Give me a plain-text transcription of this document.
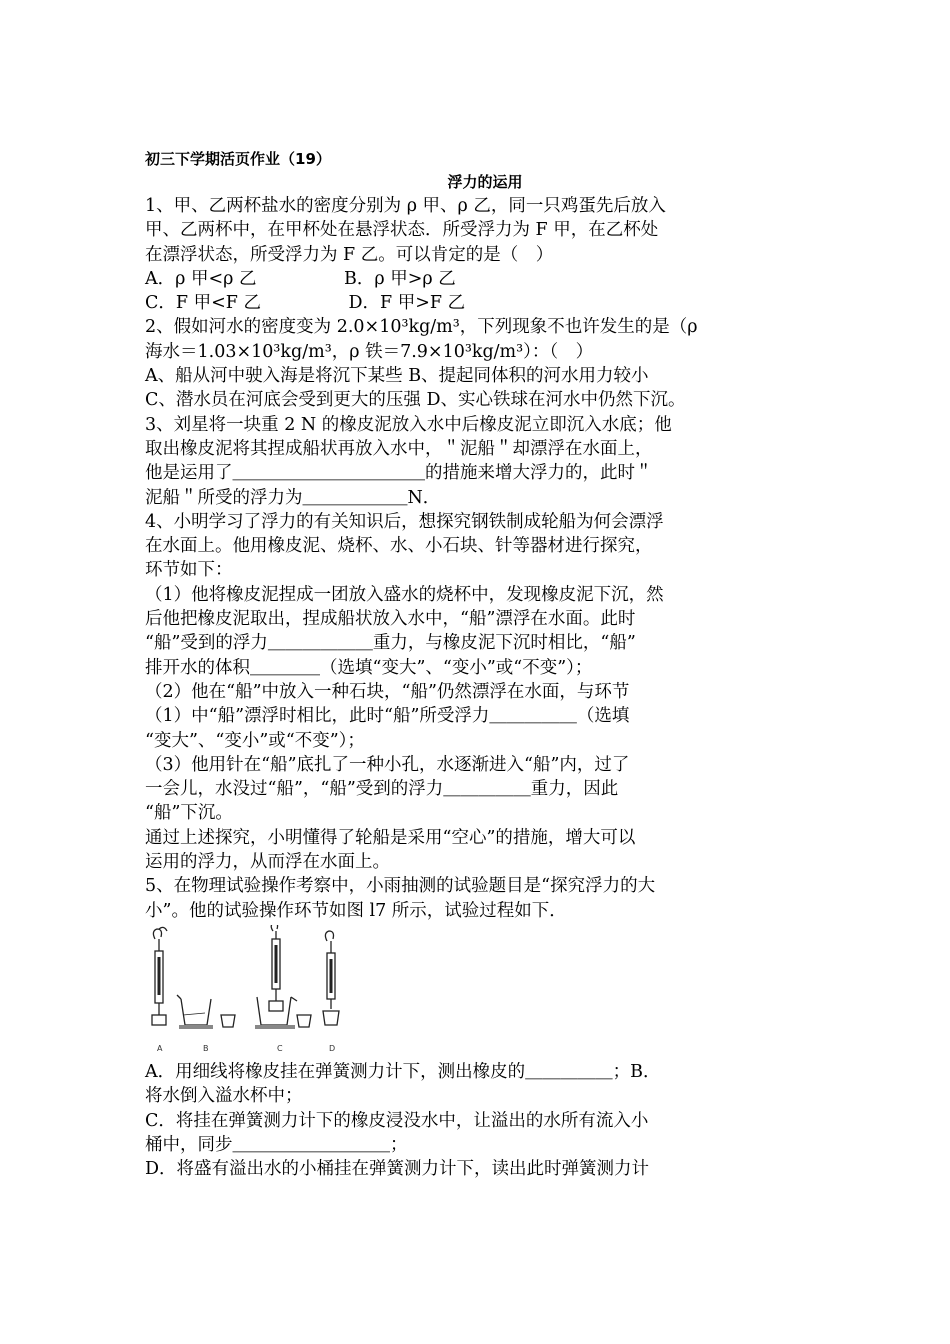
初三下学期活页作业（19）
浮力的运用
1、甲、乙两杯盐水的密度分别为 ρ 甲、ρ 乙，同一只鸡蛋先后放入
甲、乙两杯中，在甲杯处在悬浮状态．所受浮力为 F 甲，在乙杯处
在漂浮状态，所受浮力为 F 乙。可以肯定的是（　）
A．ρ 甲<ρ 乙　　　　　B．ρ 甲>ρ 乙
C．F 甲<F 乙　　　　　D．F 甲>F 乙
2、假如河水的密度变为 2.0×10³kg/m³，下列现象不也许发生的是（ρ
海水＝1.03×10³kg/m³，ρ 铁＝7.9×10³kg/m³）：（　）
A、船从河中驶入海是将沉下某些 B、提起同体积的河水用力较小
C、潜水员在河底会受到更大的压强 D、实心铁球在河水中仍然下沉。
3、刘星将一块重 2 N 的橡皮泥放入水中后橡皮泥立即沉入水底；他
取出橡皮泥将其捏成船状再放入水中，＂泥船＂却漂浮在水面上，
他是运用了＿＿＿＿＿＿＿＿＿＿＿的措施来增大浮力的，此时＂
泥船＂所受的浮力为＿＿＿＿＿＿N．
4、小明学习了浮力的有关知识后，想探究钢铁制成轮船为何会漂浮
在水面上。他用橡皮泥、烧杯、水、小石块、针等器材进行探究，
环节如下：
（1）他将橡皮泥捏成一团放入盛水的烧杯中，发现橡皮泥下沉，然
后他把橡皮泥取出，捏成船状放入水中，“船”漂浮在水面。此时
“船”受到的浮力＿＿＿＿＿＿重力，与橡皮泥下沉时相比，“船”
排开水的体积＿＿＿＿（选填“变大”、“变小”或“不变”）；
（2）他在“船”中放入一种石块，“船”仍然漂浮在水面，与环节
（1）中“船”漂浮时相比，此时“船”所受浮力＿＿＿＿＿（选填
“变大”、“变小”或“不变”）；
（3）他用针在“船”底扎了一种小孔，水逐渐进入“船”内，过了
一会儿，水没过“船”，“船”受到的浮力＿＿＿＿＿重力，因此
“船”下沉。
通过上述探究，小明懂得了轮船是采用“空心”的措施，增大可以
运用的浮力，从而浮在水面上。
5、在物理试验操作考察中，小雨抽测的试验题目是“探究浮力的大
小”。他的试验操作环节如图 l7 所示，试验过程如下．
A	B	C	D
A．用细线将橡皮挂在弹簧测力计下，测出橡皮的＿＿＿＿＿；B．
将水倒入溢水杯中；
C．将挂在弹簧测力计下的橡皮浸没水中，让溢出的水所有流入小
桶中，同步＿＿＿＿＿＿＿＿＿；
D．将盛有溢出水的小桶挂在弹簧测力计下，读出此时弹簧测力计
